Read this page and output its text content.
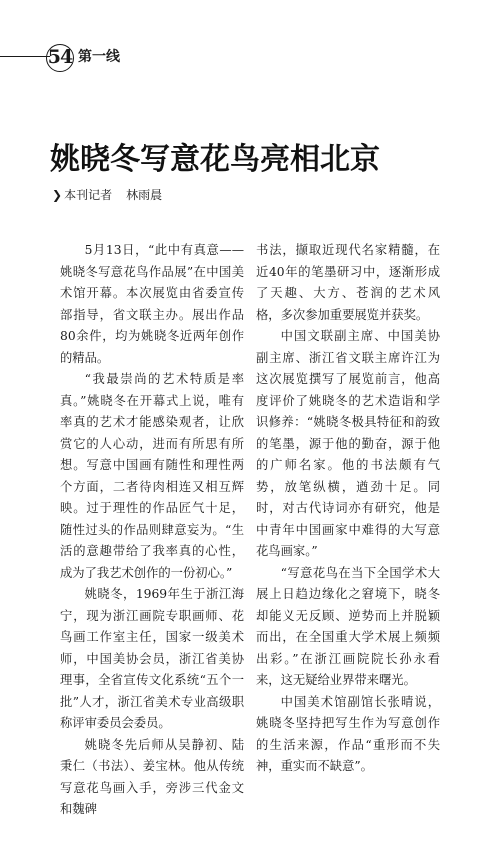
54 第一线
姚晓冬写意花鸟亮相北京
❯ 本刊记者 林雨晨

5月13日，“此中有真意——姚晓冬写意花鸟作品展”在中国美术馆开幕。本次展览由省委宣传部指导，省文联主办。展出作品80余件，均为姚晓冬近两年创作的精品。

“我最崇尚的艺术特质是率真。”姚晓冬在开幕式上说，唯有率真的艺术才能感染观者，让欣赏它的人心动，进而有所思有所想。写意中国画有随性和理性两个方面，二者待肉相连又相互辉映。过于理性的作品匠气十足，随性过头的作品则肆意妄为。“生活的意趣带给了我率真的心性，成为了我艺术创作的一份初心。”

姚晓冬，1969年生于浙江海宁，现为浙江画院专职画师、花鸟画工作室主任，国家一级美术师，中国美协会员，浙江省美协理事，全省宣传文化系统“五个一批”人才，浙江省美术专业高级职称评审委员会委员。

姚晓冬先后师从吴静初、陆秉仁（书法）、姜宝林。他从传统写意花鸟画入手，旁涉三代金文和魏碑

书法，撷取近现代名家精髓，在近40年的笔墨研习中，逐渐形成了天趣、大方、苍润的艺术风格，多次参加重要展览并获奖。

中国文联副主席、中国美协副主席、浙江省文联主席许江为这次展览撰写了展览前言，他高度评价了姚晓冬的艺术造诣和学识修养：“姚晓冬极具特征和韵致的笔墨，源于他的勤奋，源于他的广师名家。他的书法颇有气势，放笔纵横，遒劲十足。同时，对古代诗词亦有研究，他是中青年中国画家中难得的大写意花鸟画家。”

“写意花鸟在当下全国学术大展上日趋边缘化之窘境下，晓冬却能义无反顾、逆势而上并脱颖而出，在全国重大学术展上频频出彩。”在浙江画院院长孙永看来，这无疑给业界带来曙光。

中国美术馆副馆长张晴说，姚晓冬坚持把写生作为写意创作的生活来源，作品“重形而不失神，重实而不缺意”。
